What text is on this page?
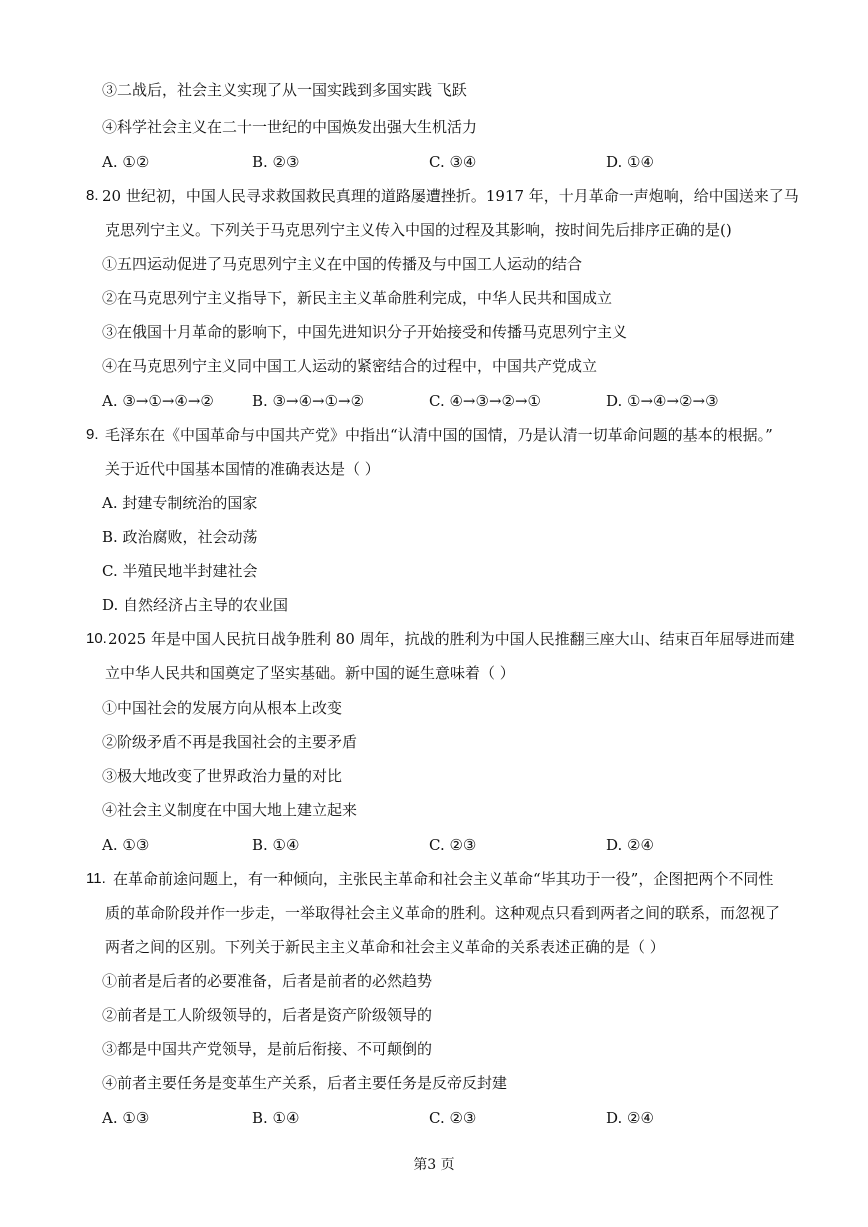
③二战后，社会主义实现了从一国实践到多国实践 飞跃
④科学社会主义在二十一世纪的中国焕发出强大生机活力
A. ①②	B. ②③	C. ③④	D. ①④
8. 20 世纪初，中国人民寻求救国救民真理的道路屡遭挫折。1917 年，十月革命一声炮响，给中国送来了马
克思列宁主义。下列关于马克思列宁主义传入中国的过程及其影响，按时间先后排序正确的是()
①五四运动促进了马克思列宁主义在中国的传播及与中国工人运动的结合
②在马克思列宁主义指导下，新民主主义革命胜利完成，中华人民共和国成立
③在俄国十月革命的影响下，中国先进知识分子开始接受和传播马克思列宁主义
④在马克思列宁主义同中国工人运动的紧密结合的过程中，中国共产党成立
A. ③→①→④→②	B. ③→④→①→②	C. ④→③→②→①	D. ①→④→②→③
9. 毛泽东在《中国革命与中国共产党》中指出“认清中国的国情，乃是认清一切革命问题的基本的根据。”
关于近代中国基本国情的准确表达是（ ）
A. 封建专制统治的国家
B. 政治腐败，社会动荡
C. 半殖民地半封建社会
D. 自然经济占主导的农业国
10. 2025 年是中国人民抗日战争胜利 80 周年，抗战的胜利为中国人民推翻三座大山、结束百年屈辱进而建
立中华人民共和国奠定了坚实基础。新中国的诞生意味着（ ）
①中国社会的发展方向从根本上改变
②阶级矛盾不再是我国社会的主要矛盾
③极大地改变了世界政治力量的对比
④社会主义制度在中国大地上建立起来
A. ①③	B. ①④	C. ②③	D. ②④
11. 在革命前途问题上，有一种倾向，主张民主革命和社会主义革命“毕其功于一役”，企图把两个不同性
质的革命阶段并作一步走，一举取得社会主义革命的胜利。这种观点只看到两者之间的联系，而忽视了
两者之间的区别。下列关于新民主主义革命和社会主义革命的关系表述正确的是（ ）
①前者是后者的必要准备，后者是前者的必然趋势
②前者是工人阶级领导的，后者是资产阶级领导的
③都是中国共产党领导，是前后衔接、不可颠倒的
④前者主要任务是变革生产关系，后者主要任务是反帝反封建
A. ①③	B. ①④	C. ②③	D. ②④
第3 页
